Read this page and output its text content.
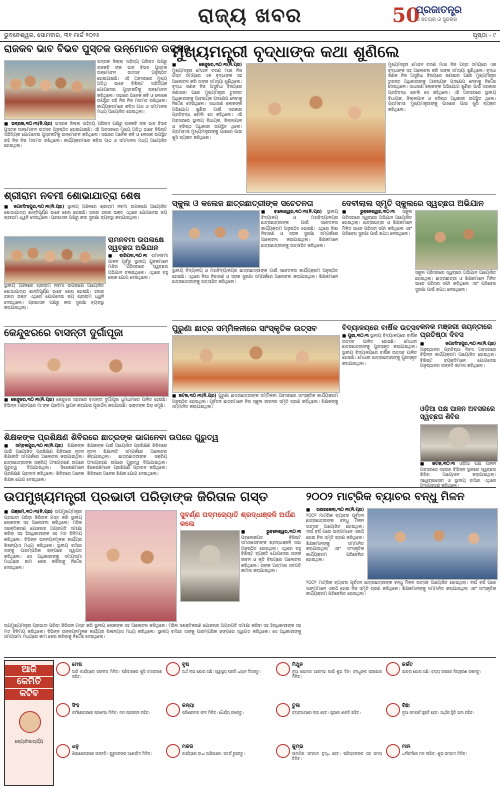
ରାଜ୍ୟ ଖବର	50
ପ୍ରଜାତନ୍ତ୍ର
ଏ ସତ୍ୟର ଓ ସୁନ୍ଦରର
ଭୁବନେଶ୍ୱର, ସୋମବାର, ୩୧ ମାର୍ଚ୍ଚ ୨୦୨୫	ପୃଷ୍ଠା - ୯
ରାଜକବ ଭାବ ବିଭବ ପୁସ୍ତକ ଉନ୍ମୋଚନ ଉତ୍ସବ

ଭଦ୍ରକ ଜିଲ୍ଲା ସାହିତ୍ୟ ପରିଷଦ ପକ୍ଷରୁ ରାଜକବି ଙ୍କ ଭାବ ବିଭବ ପୁସ୍ତକ ଉନ୍ମୋଚନ ଉତ୍ସବ ଅନୁଷ୍ଠିତ ହୋଇଯାଇଛି। ଏହି ଅବସରରେ ମୁଖ୍ୟ ଅତିଥି ଭାବେ ବିଶିଷ୍ଟ ସାହିତ୍ୟିକ ଯୋଗଦେଇ ପୁସ୍ତକଟିକୁ ଉନ୍ମୋଚନ କରିଥିଲେ। ସଭାରେ ଅନେକ କବି ଓ ଲେଖକ ଉପସ୍ଥିତ ରହି ନିଜ ନିଜ ମତାମତ ରଖିଥିଲେ। କାର୍ଯ୍ୟକ୍ରମରେ କବିତା ପାଠ ଓ ସମ୍ମାନନା ମଧ୍ୟ ଆୟୋଜିତ ହୋଇଥିଲା।

■ ଭଦ୍ରକ,୩୦।୩(ନି.ପ୍ର) ଭଦ୍ରକ ଜିଲ୍ଲା ସାହିତ୍ୟ ପରିଷଦ ପକ୍ଷରୁ ରାଜକବି ଙ୍କ ଭାବ ବିଭବ ପୁସ୍ତକ ଉନ୍ମୋଚନ ଉତ୍ସବ ଅନୁଷ୍ଠିତ ହୋଇଯାଇଛି। ଏହି ଅବସରରେ ମୁଖ୍ୟ ଅତିଥି ଭାବେ ବିଶିଷ୍ଟ ସାହିତ୍ୟିକ ଯୋଗଦେଇ ପୁସ୍ତକଟିକୁ ଉନ୍ମୋଚନ କରିଥିଲେ। ସଭାରେ ଅନେକ କବି ଓ ଲେଖକ ଉପସ୍ଥିତ ରହି ନିଜ ନିଜ ମତାମତ ରଖିଥିଲେ। କାର୍ଯ୍ୟକ୍ରମରେ କବିତା ପାଠ ଓ ସମ୍ମାନନା ମଧ୍ୟ ଆୟୋଜିତ ହୋଇଥିଲା।

ମୁଖ୍ୟମନ୍ତ୍ରୀ ବୃଦ୍ଧାଙ୍କ କଥା ଶୁଣିଲେ

■ କେନ୍ଦୁଝର,୩୦।୩(ନି.ପ୍ର) ମୁଖ୍ୟମନ୍ତ୍ରୀ ମୋହନ ଚରଣ ମାଝୀ ନିଜ ଗସ୍ତ ସମୟରେ ଏକ ବୃଦ୍ଧାଙ୍କ ସହ ଆଲୋଚନା କରି ତାଙ୍କ ସମସ୍ୟା ଶୁଣିଥିଲେ। ବୃଦ୍ଧା ଜଣକ ନିଜ ଅସୁବିଧା ବିଷୟରେ ଜଣାଇବା ପରେ ମୁଖ୍ୟମନ୍ତ୍ରୀ ତୁରନ୍ତ ଅଧିକାରୀଙ୍କୁ ଆବଶ୍ୟକ ପଦକ୍ଷେପ ନେବାକୁ ନିର୍ଦ୍ଦେଶ ଦେଇଥିଲେ। ସାଧାରଣ ଲୋକଙ୍କ ଅଭିଯୋଗ ଶୁଣିବା ପାଇଁ ସରକାର ପ୍ରତିବଦ୍ଧ ବୋଲି ସେ କହିଥିଲେ। ଏହି ଅବସରରେ ସ୍ଥାନୀୟ ବିଧାୟକ, ଜିଲ୍ଲାପାଳ ଓ ବରିଷ୍ଠ ଅଧିକାରୀ ଉପସ୍ଥିତ ଥିଲେ। ଗ୍ରାମବାସୀ ମୁଖ୍ୟମନ୍ତ୍ରୀଙ୍କୁ ପାଖରେ ପାଇ ଖୁସି ବ୍ୟକ୍ତ କରିଥିଲେ।

ମୁଖ୍ୟମନ୍ତ୍ରୀ ମୋହନ ଚରଣ ମାଝୀ ନିଜ ଗସ୍ତ ସମୟରେ ଏକ ବୃଦ୍ଧାଙ୍କ ସହ ଆଲୋଚନା କରି ତାଙ୍କ ସମସ୍ୟା ଶୁଣିଥିଲେ। ବୃଦ୍ଧା ଜଣକ ନିଜ ଅସୁବିଧା ବିଷୟରେ ଜଣାଇବା ପରେ ମୁଖ୍ୟମନ୍ତ୍ରୀ ତୁରନ୍ତ ଅଧିକାରୀଙ୍କୁ ଆବଶ୍ୟକ ପଦକ୍ଷେପ ନେବାକୁ ନିର୍ଦ୍ଦେଶ ଦେଇଥିଲେ। ସାଧାରଣ ଲୋକଙ୍କ ଅଭିଯୋଗ ଶୁଣିବା ପାଇଁ ସରକାର ପ୍ରତିବଦ୍ଧ ବୋଲି ସେ କହିଥିଲେ। ଏହି ଅବସରରେ ସ୍ଥାନୀୟ ବିଧାୟକ, ଜିଲ୍ଲାପାଳ ଓ ବରିଷ୍ଠ ଅଧିକାରୀ ଉପସ୍ଥିତ ଥିଲେ। ଗ୍ରାମବାସୀ ମୁଖ୍ୟମନ୍ତ୍ରୀଙ୍କୁ ପାଖରେ ପାଇ ଖୁସି ବ୍ୟକ୍ତ କରିଥିଲେ।

ଶ୍ରୀରାମ ନବମୀ ଶୋଭାଯାତ୍ରା ଶେଷ

■ ଜଗତସିଂହପୁର,୩୦।୩(ନି.ପ୍ର) ସ୍ଥାନୀୟ ଅଞ୍ଚଳରେ ଶ୍ରୀରାମ ନବମୀ ଉପଲକ୍ଷେ ଆୟୋଜିତ ଶୋଭାଯାତ୍ରା ଶାନ୍ତିପୂର୍ଣ୍ଣ ଭାବେ ଶେଷ ହୋଇଛି। ହଜାର ହଜାର ଭକ୍ତ ଏଥିରେ ଯୋଗଦେଇ ଜୟ ଶ୍ରୀରାମ ଧ୍ୱନି ଦେଇଥିଲେ। ପ୍ରଶାସନ ପକ୍ଷରୁ କଡା ସୁରକ୍ଷା ବ୍ୟବସ୍ଥା କରାଯାଇଥିଲା।

ରାମନବମୀ ଉପଲକ୍ଷେ ସ୍ୱଚ୍ଛତା ଅଭିଯାନ

■ ବାରିପଦା,୩୦।୩ ରାମନବମୀ ପାଳନ ପୂର୍ବରୁ ସ୍ଥାନୀୟ ଯୁବକମାନେ ମନ୍ଦିର ପରିସରରେ ସ୍ୱଚ୍ଛତା ଅଭିଯାନ ଚଳାଇଥିଲେ। ଏଥିରେ ବହୁ ଲୋକ ଯୋଗ ଦେଇଥିଲେ।

ସ୍ଥାନୀୟ ଅଞ୍ଚଳରେ ଶ୍ରୀରାମ ନବମୀ ଉପଲକ୍ଷେ ଆୟୋଜିତ ଶୋଭାଯାତ୍ରା ଶାନ୍ତିପୂର୍ଣ୍ଣ ଭାବେ ଶେଷ ହୋଇଛି। ହଜାର ହଜାର ଭକ୍ତ ଏଥିରେ ଯୋଗଦେଇ ଜୟ ଶ୍ରୀରାମ ଧ୍ୱନି ଦେଇଥିଲେ। ପ୍ରଶାସନ ପକ୍ଷରୁ କଡା ସୁରକ୍ଷା ବ୍ୟବସ୍ଥା କରାଯାଇଥିଲା।

କେନ୍ଦୁଝରରେ ବାସନ୍ତୀ ଦୁର୍ଗାପୂଜା

■ କେନ୍ଦୁଝର,୩୦।୩(ନି.ପ୍ର) କେନ୍ଦୁଝର ସହରରେ ବାସନ୍ତୀ ଦୁର୍ଗାପୂଜା ଧୁମଧାମରେ ପାଳିତ ହେଉଛି। ବିଭିନ୍ନ ମଣ୍ଡପରେ ମା'ଙ୍କ ପ୍ରତିମା ସ୍ଥାପନ କରାଯାଇ ପୂଜାର୍ଚ୍ଚନା କରାଯାଉଛି। ଭକ୍ତଙ୍କ ଭିଡ଼ ଜମୁଛି।

ସ୍କୁଲ ଓ କଲେଜ ଛାତ୍ରଛାତ୍ରୀଙ୍କ ସଚେତନତା

■ ବାଲେଶ୍ୱର,୩୦।୩(ନି.ପ୍ର) ସ୍ଥାନୀୟ ବିଦ୍ୟାଳୟ ଓ ମହାବିଦ୍ୟାଳୟର ଛାତ୍ରଛାତ୍ରୀଙ୍କ ପାଇଁ ସଚେତନତା କାର୍ଯ୍ୟକ୍ରମ ଅନୁଷ୍ଠିତ ହୋଇଛି। ଏଥିରେ ନିଶା ନିବାରଣ ଓ ସଡ଼କ ସୁରକ୍ଷା ସମ୍ପର୍କରେ ଆଲୋଚନା କରାଯାଇଥିଲା। ଶିକ୍ଷକମାନେ ଛାତ୍ରଛାତ୍ରୀଙ୍କୁ ଉତ୍ସାହିତ କରିଥିଲେ।

ସ୍ଥାନୀୟ ବିଦ୍ୟାଳୟ ଓ ମହାବିଦ୍ୟାଳୟର ଛାତ୍ରଛାତ୍ରୀଙ୍କ ପାଇଁ ସଚେତନତା କାର୍ଯ୍ୟକ୍ରମ ଅନୁଷ୍ଠିତ ହୋଇଛି। ଏଥିରେ ନିଶା ନିବାରଣ ଓ ସଡ଼କ ସୁରକ୍ଷା ସମ୍ପର୍କରେ ଆଲୋଚନା କରାଯାଇଥିଲା। ଶିକ୍ଷକମାନେ ଛାତ୍ରଛାତ୍ରୀଙ୍କୁ ଉତ୍ସାହିତ କରିଥିଲେ।

ଦେବୀଲାଲ ସ୍ମୃତି ସ୍କୁଲରେ ସ୍ୱଚ୍ଛତା ଅଭିଯାନ

■ ଭୁବନେଶ୍ୱର,୩୦।୩ ସ୍କୁଲ ପରିସରରେ ସ୍ୱଚ୍ଛତା ଅଭିଯାନ ଆୟୋଜିତ ହୋଇଥିଲା। ଛାତ୍ରଛାତ୍ରୀ ଓ ଶିକ୍ଷକମାନେ ମିଳିତ ଭାବେ ପରିସର ସଫା କରିଥିଲେ ଏବଂ ପରିବେଶ ସୁରକ୍ଷା ପାଇଁ ଶପଥ ନେଇଥିଲେ।

ସ୍କୁଲ ପରିସରରେ ସ୍ୱଚ୍ଛତା ଅଭିଯାନ ଆୟୋଜିତ ହୋଇଥିଲା। ଛାତ୍ରଛାତ୍ରୀ ଓ ଶିକ୍ଷକମାନେ ମିଳିତ ଭାବେ ପରିସର ସଫା କରିଥିଲେ ଏବଂ ପରିବେଶ ସୁରକ୍ଷା ପାଇଁ ଶପଥ ନେଇଥିଲେ।

ପୁରୁଣା ଛାତ୍ର ସମ୍ମିଳନୀରେ ସାଂସ୍କୃତିକ ଉତ୍ସବ

■ କଟକ,୩୦।୩(ନି.ପ୍ର) ପୁରୁଣା ଛାତ୍ରଛାତ୍ରୀଙ୍କ ସମ୍ମିଳନୀ ଅବସରରେ ସାଂସ୍କୃତିକ କାର୍ଯ୍ୟକ୍ରମ ଅନୁଷ୍ଠିତ ହୋଇଥିଲା। ପୂର୍ବତନ ଛାତ୍ରମାନେ ନିଜ ସ୍କୁଲ ଜୀବନର ସ୍ମୃତି ଚାରଣ କରିଥିଲେ। ଶିକ୍ଷକଙ୍କୁ ସମ୍ମାନିତ କରାଯାଇଥିଲା।

ବିଦ୍ୟାଳୟରେ ବାର୍ଷିକ ଉତ୍ସବ

■ ପୁରୀ,୩୦।୩ ସ୍ଥାନୀୟ ବିଦ୍ୟାଳୟରେ ବାର୍ଷିକ ଉତ୍ସବ ପାଳିତ ହୋଇଛି। ମେଧାବୀ ଛାତ୍ରଛାତ୍ରୀଙ୍କୁ ପୁରସ୍କୃତ କରାଯାଇଥିଲା। ସ୍ଥାନୀୟ ବିଦ୍ୟାଳୟରେ ବାର୍ଷିକ ଉତ୍ସବ ପାଳିତ ହୋଇଛି। ମେଧାବୀ ଛାତ୍ରଛାତ୍ରୀଙ୍କୁ ପୁରସ୍କୃତ କରାଯାଇଥିଲା।

କନକ ମଞ୍ଜରୀ ଜୟନ୍ତୀରେ ପ୍ରତିଷ୍ଠା ଦିବସ

■ ଜଗତସିଂହପୁର,୩୦।୩(ନି.ପ୍ର) ଅନୁଷ୍ଠାନର ପ୍ରତିଷ୍ଠା ଦିବସ ଅବସରରେ ବିଭିନ୍ନ କାର୍ଯ୍ୟକ୍ରମ ଆୟୋଜିତ ହୋଇଥିଲା। ବିଶିଷ୍ଟ ବ୍ୟକ୍ତିମାନେ ଯୋଗଦେଇ ଅନୁଷ୍ଠାନର ଉନ୍ନତି କାମନା କରିଥିଲେ।

ଓଡ଼ିଆ ପକ୍ଷ ପାଳନ ଅବସରରେ ସ୍ୱଚ୍ଛତା ଶିବିର

■ କଟକ,୩୦।୩ ଓଡ଼ିଆ ପକ୍ଷ ପାଳନ ଅବସରରେ ସହରର ବିଭିନ୍ନ ସ୍ଥାନରେ ସ୍ୱଚ୍ଛତା ଶିବିର ଆୟୋଜନ କରାଯାଇଥିଲା। ସ୍ୱେଚ୍ଛାସେବୀ ଓ ସ୍ଥାନୀୟ ବାସିନ୍ଦା ଏଥିରେ

ଶିକ୍ଷକଙ୍କ ପ୍ରଶିକ୍ଷଣ ଶିବିରରେ ଛାତ୍ରଙ୍କ ଭାଗନେବା ଉପରେ ଗୁରୁତ୍ୱ

■ ସମ୍ବଲପୁର,୩୦।୩(ନି.ପ୍ର) ଶିକ୍ଷକଙ୍କ ପାଇଁ ଆୟୋଜିତ ପ୍ରଶିକ୍ଷଣ ଶିବିରରେ ନୂତନ ଶିକ୍ଷାନୀତି ସମ୍ପର୍କରେ ଆଲୋଚନା କରାଯାଇଥିଲା। ଛାତ୍ରଛାତ୍ରୀଙ୍କ ସକ୍ରିୟ ଅଂଶଗ୍ରହଣ ଉପରେ ଗୁରୁତ୍ୱ ଦିଆଯାଇଥିଲା। ବିଶେଷଜ୍ଞମାନେ ପ୍ରଶିକ୍ଷଣ ପ୍ରଦାନ କରିଥିଲେ। ଶିବିରରେ ଅନେକ ଶିକ୍ଷକ ଯୋଗ ଦେଇଥିଲେ।

ଶିକ୍ଷକଙ୍କ ପାଇଁ ଆୟୋଜିତ ପ୍ରଶିକ୍ଷଣ ଶିବିରରେ ନୂତନ ଶିକ୍ଷାନୀତି ସମ୍ପର୍କରେ ଆଲୋଚନା କରାଯାଇଥିଲା। ଛାତ୍ରଛାତ୍ରୀଙ୍କ ସକ୍ରିୟ ଅଂଶଗ୍ରହଣ ଉପରେ ଗୁରୁତ୍ୱ ଦିଆଯାଇଥିଲା। ବିଶେଷଜ୍ଞମାନେ ପ୍ରଶିକ୍ଷଣ ପ୍ରଦାନ କରିଥିଲେ। ଶିବିରରେ ଅନେକ ଶିକ୍ଷକ ଯୋଗ ଦେଇଥିଲେ।

ଉପମୁଖ୍ୟମନ୍ତ୍ରୀ ପ୍ରଭାତୀ ପରିଡ଼ାଙ୍କ ଜିରିତାଳ ଗସ୍ତ

■ ଗଞ୍ଜାମ,୩୦।୩(ନି.ପ୍ର) ଉପମୁଖ୍ୟମନ୍ତ୍ରୀ ପ୍ରଭାତୀ ପରିଡ଼ା ଜିରିତାଳ ଗସ୍ତ କରି ସ୍ଥାନୀୟ ଲୋକଙ୍କ ସହ ଆଲୋଚନା କରିଥିଲେ। ମହିଳା ସଶକ୍ତିକରଣ ଯୋଜନାର ଅଗ୍ରଗତି ସମୀକ୍ଷା କରିବା ସହ ହିତାଧିକାରୀଙ୍କ ସହ ମତ ବିନିମୟ କରିଥିଲେ। ବିଭିନ୍ନ ଉନ୍ନୟନମୂଳକ କାର୍ଯ୍ୟର ଶିଳାନ୍ୟାସ ମଧ୍ୟ କରିଥିଲେ। ସ୍ଥାନୀୟ ବାସିନ୍ଦା ତାଙ୍କୁ ପାରମ୍ପରିକ ଢଙ୍ଗରେ ସ୍ୱାଗତ କରିଥିଲେ। ସେ ଅଧିକାରୀଙ୍କୁ ସମୟସୀମା ମଧ୍ୟରେ କାମ ଶେଷ କରିବାକୁ ନିର୍ଦ୍ଦେଶ ଦେଇଥିଲେ।

ସୁବର୍ଣ୍ଣ ପଦ୍ମଜ୍ୟୋତି ଶ୍ରଦ୍ଧାଞ୍ଜଳି ଅର୍ପଣ କଲେ

■ ଭୁବନେଶ୍ୱର,୩୦।୩ ପରଲୋକଗତ ବିଶିଷ୍ଟ ସମାଜସେବୀଙ୍କ ଶ୍ରଦ୍ଧାଞ୍ଜଳି ସଭା ଅନୁଷ୍ଠିତ ହୋଇଥିଲା। ଏଥିରେ ବହୁ ବିଶିଷ୍ଟ ବ୍ୟକ୍ତି ଯୋଗଦେଇ ତାଙ୍କ ଜୀବନ ଓ କୃତି ବିଷୟରେ ଆଲୋଚନା କରିଥିଲେ। ତାଙ୍କ ଆତ୍ମାର ସଦଗତି କାମନା କରାଯାଇଥିଲା।

ଉପମୁଖ୍ୟମନ୍ତ୍ରୀ ପ୍ରଭାତୀ ପରିଡ଼ା ଜିରିତାଳ ଗସ୍ତ କରି ସ୍ଥାନୀୟ ଲୋକଙ୍କ ସହ ଆଲୋଚନା କରିଥିଲେ। ମହିଳା ସଶକ୍ତିକରଣ ଯୋଜନାର ଅଗ୍ରଗତି ସମୀକ୍ଷା କରିବା ସହ ହିତାଧିକାରୀଙ୍କ ସହ ମତ ବିନିମୟ କରିଥିଲେ। ବିଭିନ୍ନ ଉନ୍ନୟନମୂଳକ କାର୍ଯ୍ୟର ଶିଳାନ୍ୟାସ ମଧ୍ୟ କରିଥିଲେ। ସ୍ଥାନୀୟ ବାସିନ୍ଦା ତାଙ୍କୁ ପାରମ୍ପରିକ ଢଙ୍ଗରେ ସ୍ୱାଗତ କରିଥିଲେ। ସେ ଅଧିକାରୀଙ୍କୁ ସମୟସୀମା ମଧ୍ୟରେ କାମ ଶେଷ କରିବାକୁ ନିର୍ଦ୍ଦେଶ ଦେଇଥିଲେ।

୨୦୦୨ ମାଟ୍ରିକ ବ୍ୟାଚର ବନ୍ଧୁ ମିଳନ

■ ରଉରକେଲା,୩୦।୩(ନି.ପ୍ର) ୨୦୦୨ ମାଟ୍ରିକ ବ୍ୟାଚର ପୂର୍ବତନ ଛାତ୍ରଛାତ୍ରୀଙ୍କ ବନ୍ଧୁ ମିଳନ ଉତ୍ସବ ଆୟୋଜିତ ହୋଇଥିଲା। ଦୀର୍ଘ ବର୍ଷ ପରେ ସାଙ୍ଗମାନେ ଏକାଠି ହୋଇ ନିଜ ସ୍ମୃତି ଚାରଣ କରିଥିଲେ। ଶିକ୍ଷକମାନଙ୍କୁ ସମ୍ମାନିତ କରାଯାଇଥିଲା ଏବଂ ସାଂସ୍କୃତିକ କାର୍ଯ୍ୟକ୍ରମ ପରିବେଷିତ ହୋଇଥିଲା।

୨୦୦୨ ମାଟ୍ରିକ ବ୍ୟାଚର ପୂର୍ବତନ ଛାତ୍ରଛାତ୍ରୀଙ୍କ ବନ୍ଧୁ ମିଳନ ଉତ୍ସବ ଆୟୋଜିତ ହୋଇଥିଲା। ଦୀର୍ଘ ବର୍ଷ ପରେ ସାଙ୍ଗମାନେ ଏକାଠି ହୋଇ ନିଜ ସ୍ମୃତି ଚାରଣ କରିଥିଲେ। ଶିକ୍ଷକମାନଙ୍କୁ ସମ୍ମାନିତ କରାଯାଇଥିଲା ଏବଂ ସାଂସ୍କୃତିକ କାର୍ଯ୍ୟକ୍ରମ ପରିବେଷିତ ହୋଇଥିଲା।

ଆଜି
କେମିତି
କଟିବ
ଜ୍ୟୋତିଷାଚାର୍ଯ୍ୟ
ମେଷ
ଆଜି କାର୍ଯ୍ୟରେ ସଫଳତା ମିଳିବ। ପରିବାରରେ ଖୁସି ବାତାବରଣ ରହିବ।
ବୃଷ
ଅର୍ଥ ଲାଭ ଯୋଗ ଅଛି। ସ୍ୱାସ୍ଥ୍ୟ ପ୍ରତି ଧ୍ୟାନ ଦିଅନ୍ତୁ।
ମିଥୁନ
ନୂଆ ଯୋଜନା ଆରମ୍ଭ ପାଇଁ ଶୁଭ ଦିନ। ବନ୍ଧୁଙ୍କ ସହଯୋଗ ମିଳିବ।
କର୍କଟ
ଯାତ୍ରା ଯୋଗ ଅଛି। ବ୍ୟୟ ଉପରେ ନିୟନ୍ତ୍ରଣ ରଖନ୍ତୁ।
ସିଂହ
କର୍ମକ୍ଷେତ୍ରରେ ପ୍ରଶଂସା ମିଳିବ। ମନ ପ୍ରସନ୍ନ ରହିବ।
କନ୍ୟା
ପରିଶ୍ରମର ଫଳ ମିଳିବ। ଧୈର୍ଯ୍ୟ ରଖନ୍ତୁ।
ତୁଳା
ବ୍ୟବସାୟରେ ଲାଭ ହେବ। ଗୃହରେ ଶାନ୍ତି ରହିବ।
ବିଛା
ନୂଆ ସମ୍ପର୍କ ସୃଷ୍ଟି ହେବ। ଆର୍ଥିକ ସ୍ଥିତି ଭଲ ରହିବ।
ଧନୁ
ଶିକ୍ଷାକ୍ଷେତ୍ରରେ ଉନ୍ନତି। ଗୁରୁଜନଙ୍କ ଆଶୀର୍ବାଦ ମିଳିବ।
ମକର
କାର୍ଯ୍ୟରେ ବାଧା ଆସିପାରେ। ସତର୍କ ରୁହନ୍ତୁ।
କୁମ୍ଭ
ସାମାଜିକ ସମ୍ମାନ ବୃଦ୍ଧି ହେବ। ପ୍ରିୟଜନଙ୍କ ସହ ସମୟ ବିତିବ।
ମୀନ
ଧର୍ମକର୍ମରେ ମନ ଲାଗିବ। ଶୁଭ ସମ୍ବାଦ ମିଳିବ।
